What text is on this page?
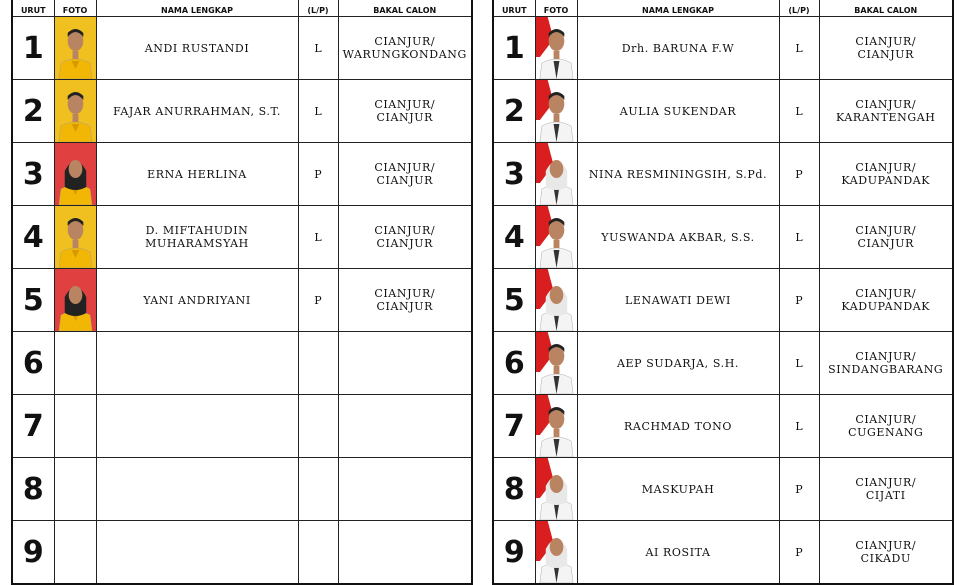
URUT	FOTO	NAMA LENGKAP	(L/P)	BAKAL CALON
1		ANDI RUSTANDI	L	CIANJUR/
WARUNGKONDANG

2		FAJAR ANURRAHMAN, S.T.	L	CIANJUR/
CIANJUR

3		ERNA HERLINA	P	CIANJUR/
CIANJUR

4		D. MIFTAHUDIN MUHARAMSYAH	L	CIANJUR/
CIANJUR

5		YANI ANDRIYANI	P	CIANJUR/
CIANJUR

6				

7				

8				

9				
URUT	FOTO	NAMA LENGKAP	(L/P)	BAKAL CALON
1		Drh. BARUNA F.W	L	CIANJUR/
CIANJUR

2		AULIA SUKENDAR	L	CIANJUR/
KARANTENGAH

3		NINA RESMININGSIH, S.Pd.	P	CIANJUR/
KADUPANDAK

4		YUSWANDA AKBAR, S.S.	L	CIANJUR/
CIANJUR

5		LENAWATI DEWI	P	CIANJUR/
KADUPANDAK

6		AEP SUDARJA, S.H.	L	CIANJUR/
SINDANGBARANG

7		RACHMAD TONO	L	CIANJUR/
CUGENANG

8		MASKUPAH	P	CIANJUR/
CIJATI

9		AI ROSITA	P	CIANJUR/
CIKADU
